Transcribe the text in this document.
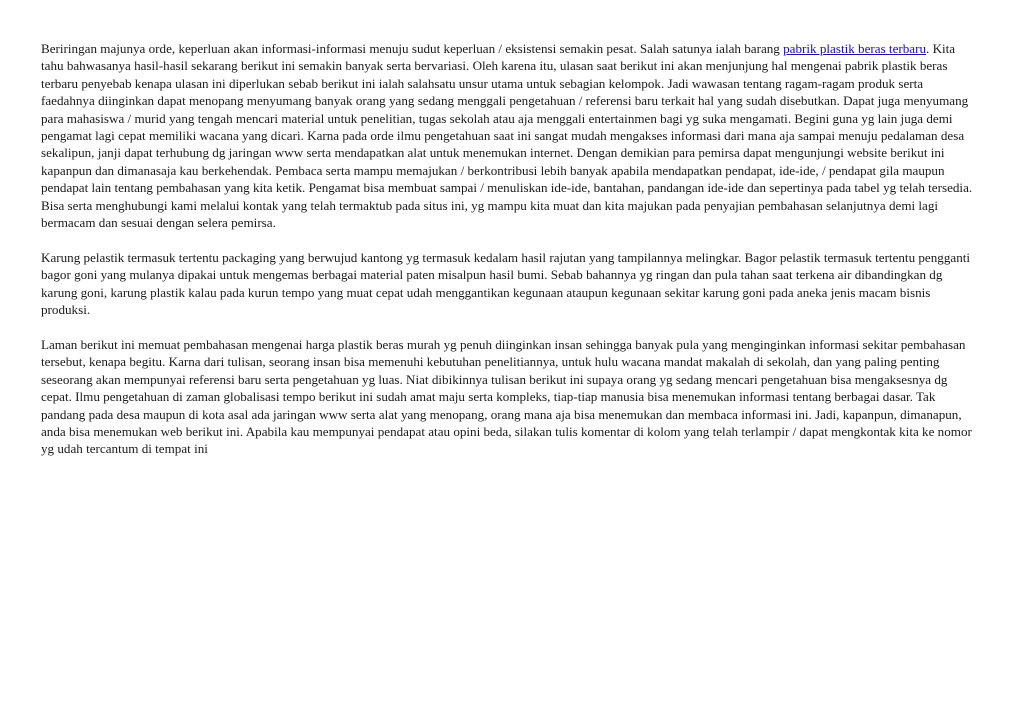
Beriringan majunya orde, keperluan akan informasi-informasi menuju sudut keperluan / eksistensi semakin pesat. Salah satunya ialah barang pabrik plastik beras terbaru. Kita tahu bahwasanya hasil-hasil sekarang berikut ini semakin banyak serta bervariasi. Oleh karena itu, ulasan saat berikut ini akan menjunjung hal mengenai pabrik plastik beras terbaru penyebab kenapa ulasan ini diperlukan sebab berikut ini ialah salahsatu unsur utama untuk sebagian kelompok. Jadi wawasan tentang ragam-ragam produk serta faedahnya diinginkan dapat menopang menyumang banyak orang yang sedang menggali pengetahuan / referensi baru terkait hal yang sudah disebutkan. Dapat juga menyumang para mahasiswa / murid yang tengah mencari material untuk penelitian, tugas sekolah atau aja menggali entertainmen bagi yg suka mengamati. Begini guna yg lain juga demi pengamat lagi cepat memiliki wacana yang dicari. Karna pada orde ilmu pengetahuan saat ini sangat mudah mengakses informasi dari mana aja sampai menuju pedalaman desa sekalipun, janji dapat terhubung dg jaringan www serta mendapatkan alat untuk menemukan internet. Dengan demikian para pemirsa dapat mengunjungi website berikut ini kapanpun dan dimanasaja kau berkehendak. Pembaca serta mampu memajukan / berkontribusi lebih banyak apabila mendapatkan pendapat, ide-ide, / pendapat gila maupun pendapat lain tentang pembahasan yang kita ketik. Pengamat bisa membuat sampai / menuliskan ide-ide, bantahan, pandangan ide-ide dan sepertinya pada tabel yg telah tersedia. Bisa serta menghubungi kami melalui kontak yang telah termaktub pada situs ini, yg mampu kita muat dan kita majukan pada penyajian pembahasan selanjutnya demi lagi bermacam dan sesuai dengan selera pemirsa.

Karung pelastik termasuk tertentu packaging yang berwujud kantong yg termasuk kedalam hasil rajutan yang tampilannya melingkar. Bagor pelastik termasuk tertentu pengganti bagor goni yang mulanya dipakai untuk mengemas berbagai material paten misalpun hasil bumi. Sebab bahannya yg ringan dan pula tahan saat terkena air dibandingkan dg karung goni, karung plastik kalau pada kurun tempo yang muat cepat udah menggantikan kegunaan ataupun kegunaan sekitar karung goni pada aneka jenis macam bisnis produksi.

Laman berikut ini memuat pembahasan mengenai harga plastik beras murah yg penuh diinginkan insan sehingga banyak pula yang menginginkan informasi sekitar pembahasan tersebut, kenapa begitu. Karna dari tulisan, seorang insan bisa memenuhi kebutuhan penelitiannya, untuk hulu wacana mandat makalah di sekolah, dan yang paling penting seseorang akan mempunyai referensi baru serta pengetahuan yg luas. Niat dibikinnya tulisan berikut ini supaya orang yg sedang mencari pengetahuan bisa mengaksesnya dg cepat. Ilmu pengetahuan di zaman globalisasi tempo berikut ini sudah amat maju serta kompleks, tiap-tiap manusia bisa menemukan informasi tentang berbagai dasar. Tak pandang pada desa maupun di kota asal ada jaringan www serta alat yang menopang, orang mana aja bisa menemukan dan membaca informasi ini. Jadi, kapanpun, dimanapun, anda bisa menemukan web berikut ini. Apabila kau mempunyai pendapat atau opini beda, silakan tulis komentar di kolom yang telah terlampir / dapat mengkontak kita ke nomor yg udah tercantum di tempat ini
